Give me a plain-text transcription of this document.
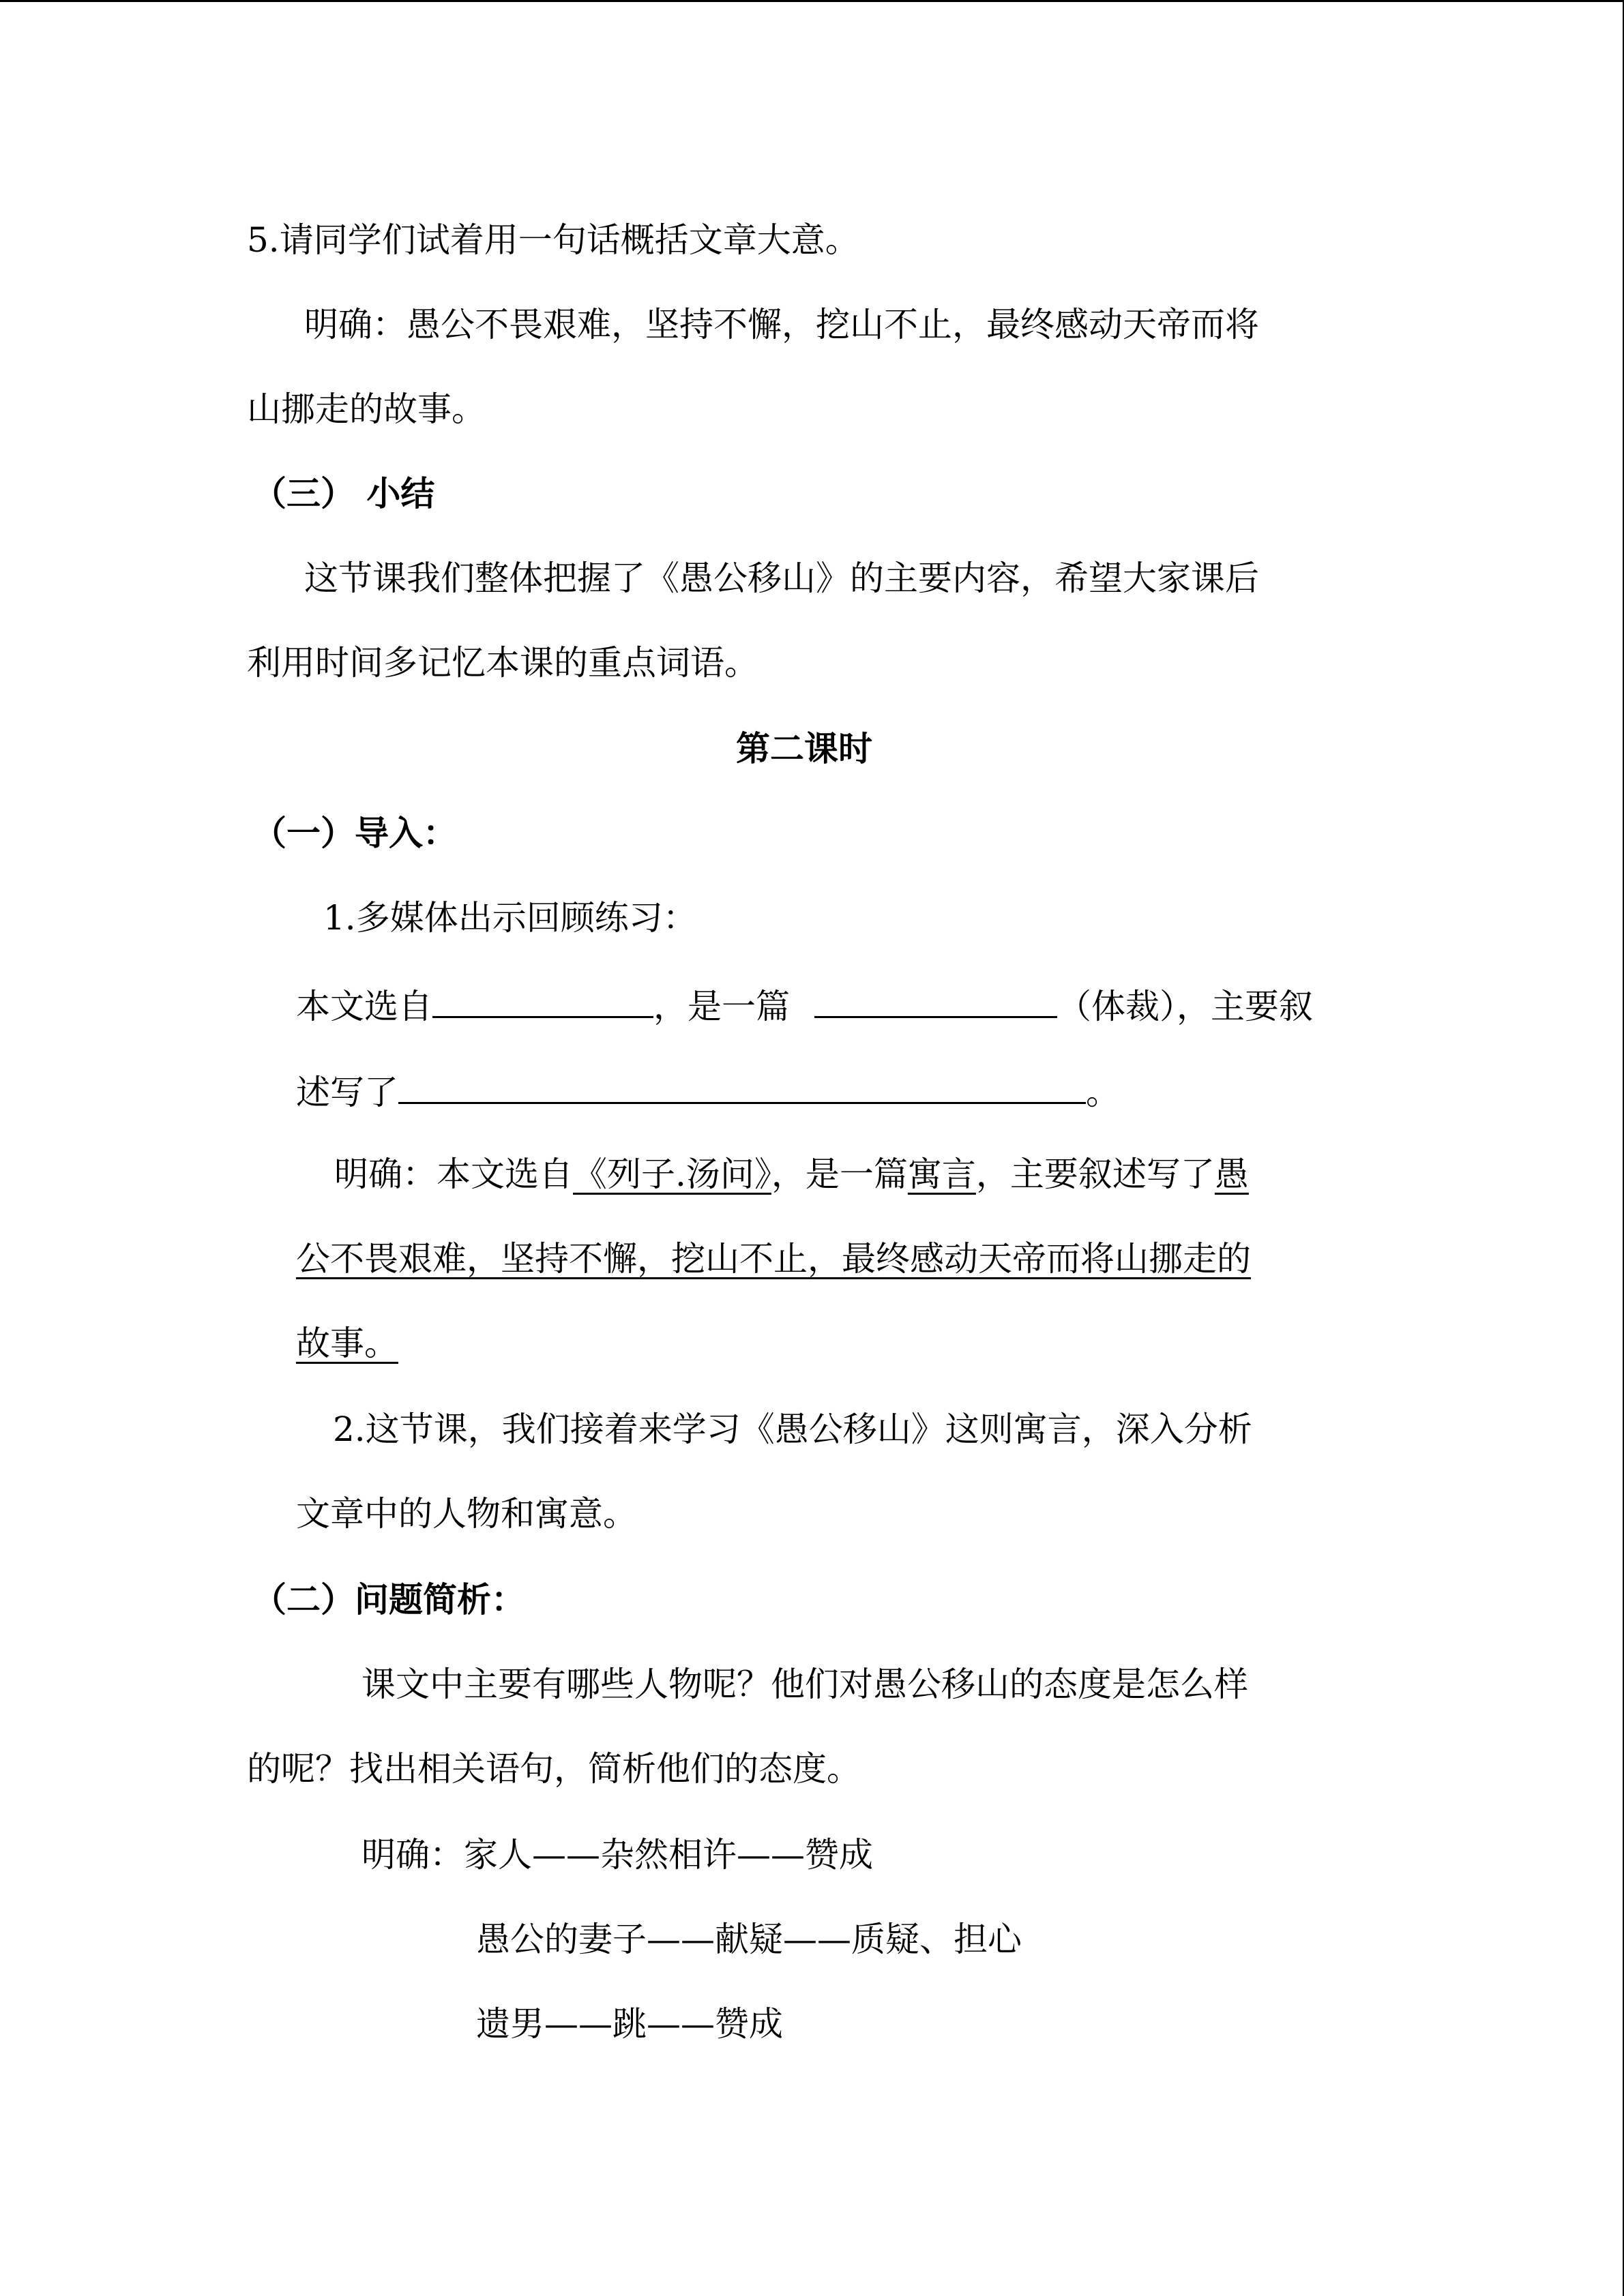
5.请同学们试着用一句话概括文章大意。
明确：愚公不畏艰难，坚持不懈，挖山不止，最终感动天帝而将
山挪走的故事。
（三） 小结
这节课我们整体把握了《愚公移山》的主要内容，希望大家课后
利用时间多记忆本课的重点词语。
第二课时
（一）导入：
1.多媒体出示回顾练习：
本文选自	，是一篇	（体裁），主要叙
述写了	。
明确：本文选自《列子.汤问》，是一篇寓言，主要叙述写了愚
公不畏艰难，坚持不懈，挖山不止，最终感动天帝而将山挪走的
故事。
2.这节课，我们接着来学习《愚公移山》这则寓言，深入分析
文章中的人物和寓意。
（二）问题简析：
课文中主要有哪些人物呢？他们对愚公移山的态度是怎么样
的呢？找出相关语句，简析他们的态度。
明确：家人——杂然相许——赞成
愚公的妻子——献疑——质疑、担心
遗男——跳——赞成
